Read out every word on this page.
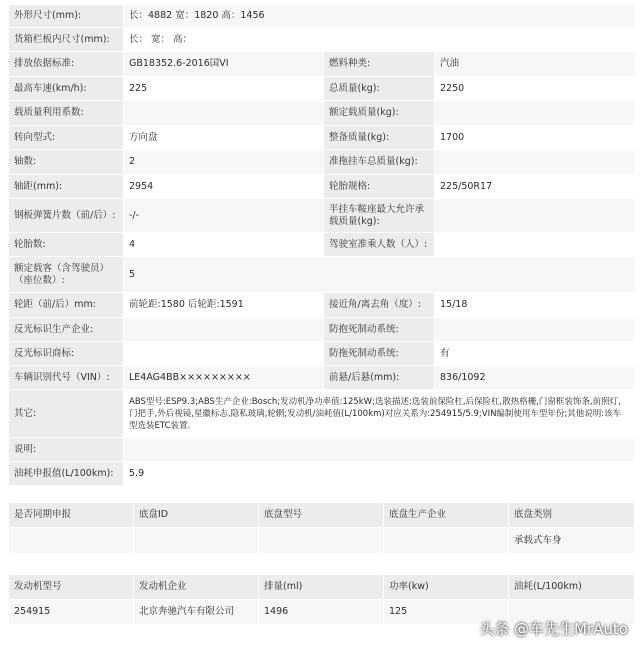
外形尺寸(mm):	长：4882 宽：1820 高：1456		
货箱栏板内尺寸(mm):	长： 宽： 高：		
排放依据标准:	GB18352.6-2016国VI	燃料种类:	汽油
最高车速(km/h):	225	总质量(kg):	2250
载质量利用系数:		额定载质量(kg):	
转向型式:	方向盘	整备质量(kg):	1700
轴数:	2	准拖挂车总质量(kg):	
轴距(mm):	2954	轮胎规格:	225/50R17
钢板弹簧片数（前/后）:	-/-	半挂车鞍座最大允许承载质量(kg):	
轮胎数:	4	驾驶室准乘人数（人）:	
额定载客（含驾驶员）（座位数）:	5		
轮距（前/后）mm:	前轮距:1580 后轮距:1591	接近角/离去角（度）:	15/18
反光标识生产企业:		防抱死制动系统:	
反光标识商标:		防拖死制动系统:	有
车辆识别代号（VIN）:	LE4AG4BB×××××××××	前悬/后悬(mm):	836/1092
其它:	ABS型号:ESP9.3;ABS生产企业:Bosch;发动机净功率值:125kW;选装描述:选装前保险杠,后保险杠,散热格栅,门窗框装饰条,前照灯,门把手,外后视镜,星徽标志,隐私玻璃,轮辋;发动机/油耗值(L/100km)对应关系为:254915/5.9;VIN编制使用车型年份;其他说明:该车型选装ETC装置.		
说明:			
油耗申报值(L/100km):	5.9		
是否同期申报	底盘ID	底盘型号	底盘生产企业	底盘类别
				承载式车身
发动机型号	发动机企业	排量(ml)	功率(kw)	油耗(L/100km)
254915	北京奔驰汽车有限公司	1496	125	
头条 @车先生MrAuto
